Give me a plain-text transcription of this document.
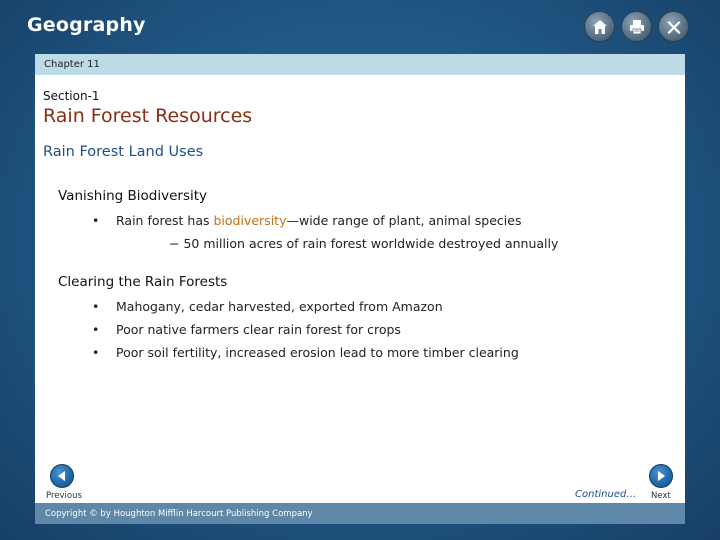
Geography
Chapter 11
Section-1
Rain Forest Resources
Rain Forest Land Uses
Vanishing Biodiversity
•	Rain forest has biodiversity—wide range of plant, animal species
− 50 million acres of rain forest worldwide destroyed annually
Clearing the Rain Forests
•	Mahogany, cedar harvested, exported from Amazon
•	Poor native farmers clear rain forest for crops
•	Poor soil fertility, increased erosion lead to more timber clearing
Previous	Continued… Next
Copyright © by Houghton Mifflin Harcourt Publishing Company
